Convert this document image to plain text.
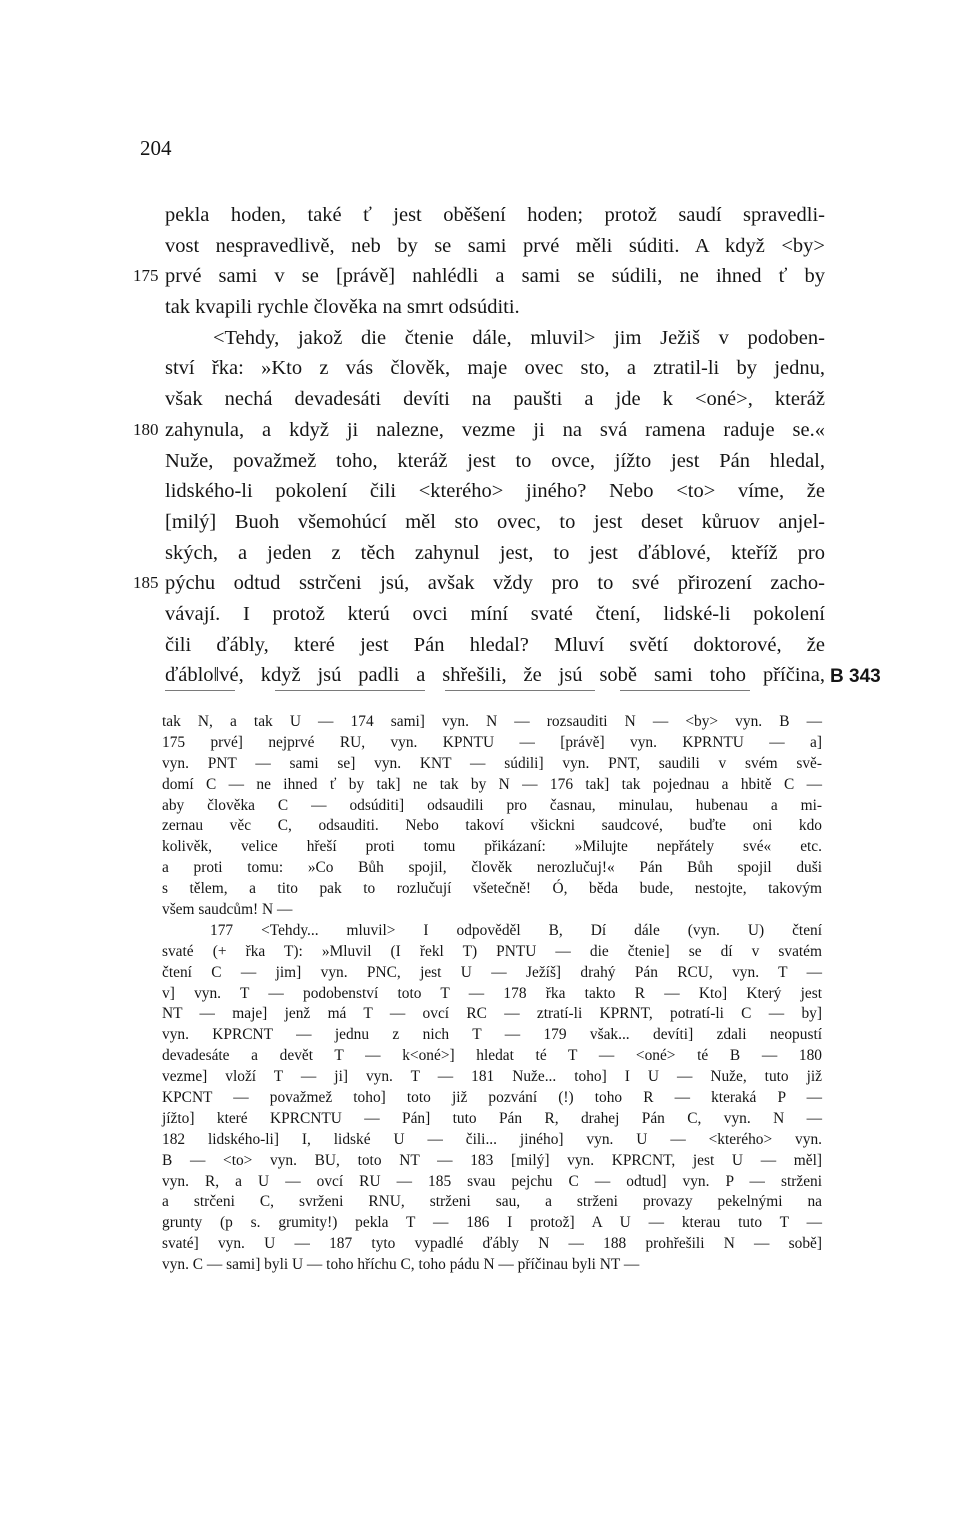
204
pekla hoden, také ť jest oběšení hoden; protož saudí spravedli-
vost nespravedlivě, neb by se sami prvé měli súditi. A když <by>
175 prvé sami v se [právě] nahlédli a sami se súdili, ne ihned ť by
tak kvapili rychle člověka na smrt odsúditi.
<Tehdy, jakož die čtenie dále, mluvil> jim Ježiš v podoben-
ství řka: »Kto z vás člověk, maje ovec sto, a ztratil-li by jednu,
však nechá devadesáti devíti na paušti a jde k <oné>, kteráž
180 zahynula, a když ji nalezne, vezme ji na svá ramena raduje se.«
Nuže, považmež toho, kteráž jest to ovce, jížto jest Pán hledal,
lidského-li pokolení čili <kterého> jiného? Nebo <to> víme, že
[milý] Buoh všemohúcí měl sto ovec, to jest deset kůruov anjel-
ských, a jeden z těch zahynul jest, to jest ďáblové, kteříž pro
185 pýchu odtud sstrčeni jsú, avšak vždy pro to své přirození zacho-
vávají. I protož kterú ovci míní svaté čtení, lidské-li pokolení
čili ďábly, které jest Pán hledal? Mluví světí doktorové, že
ďáblo‖vé, když jsú padli a shřešili, že jsú sobě sami toho příčina, B 343
tak N, a tak U — 174 sami] vyn. N — rozsauditi N — <by> vyn. B —
175 prvé] nejprvé RU, vyn. KPNTU — [právě] vyn. KPRNTU — a]
vyn. PNT — sami se] vyn. KNT — súdili] vyn. PNT, saudili v svém svě-
domí C — ne ihned ť by tak] ne tak by N — 176 tak] tak pojednau a hbitě C —
aby člověka C — odsúditi] odsaudili pro časnau, minulau, hubenau a mi-
zernau věc C, odsauditi. Nebo takoví všickni saudcové, buďte oni kdo
kolivěk, velice hřeší proti tomu přikázaní: »Milujte nepřátely své« etc.
a proti tomu: »Co Bůh spojil, člověk nerozlučuj!« Pán Bůh spojil duši
s tělem, a tito pak to rozlučují všetečně! Ó, běda bude, nestojte, takovým
všem saudcům! N —
177 <Tehdy... mluvil> I odpověděl B, Dí dále (vyn. U) čtení
svaté (+ řka T): »Mluvil (I řekl T) PNTU — die čtenie] se dí v svatém
čtení C — jim] vyn. PNC, jest U — Ježíš] drahý Pán RCU, vyn. T —
v] vyn. T — podobenství toto T — 178 řka takto R — Kto] Který jest
NT — maje] jenž má T — ovcí RC — ztratí-li KPRNT, potratí-li C — by]
vyn. KPRCNT — jednu z nich T — 179 však... devíti] zdali neopustí
devadesáte a devět T — k<oné>] hledat té T — <oné> té B — 180
vezme] vloží T — ji] vyn. T — 181 Nuže... toho] I U — Nuže, tuto již
KPCNT — považmež toho] toto již pozvání (!) toho R — kteraká P —
jížto] které KPRCNTU — Pán] tuto Pán R, drahej Pán C, vyn. N —
182 lidského-li] I, lidské U — čili... jiného] vyn. U — <kterého> vyn.
B — <to> vyn. BU, toto NT — 183 [milý] vyn. KPRCNT, jest U — měl]
vyn. R, a U — ovcí RU — 185 svau pejchu C — odtud] vyn. P — strženi
a strčeni C, svrženi RNU, strženi sau, a strženi provazy pekelnými na
grunty (p s. grumity!) pekla T — 186 I protož] A U — kterau tuto T —
svaté] vyn. U — 187 tyto vypadlé ďábly N — 188 prohřešili N — sobě]
vyn. C — sami] byli U — toho hříchu C, toho pádu N — příčinau byli NT —
